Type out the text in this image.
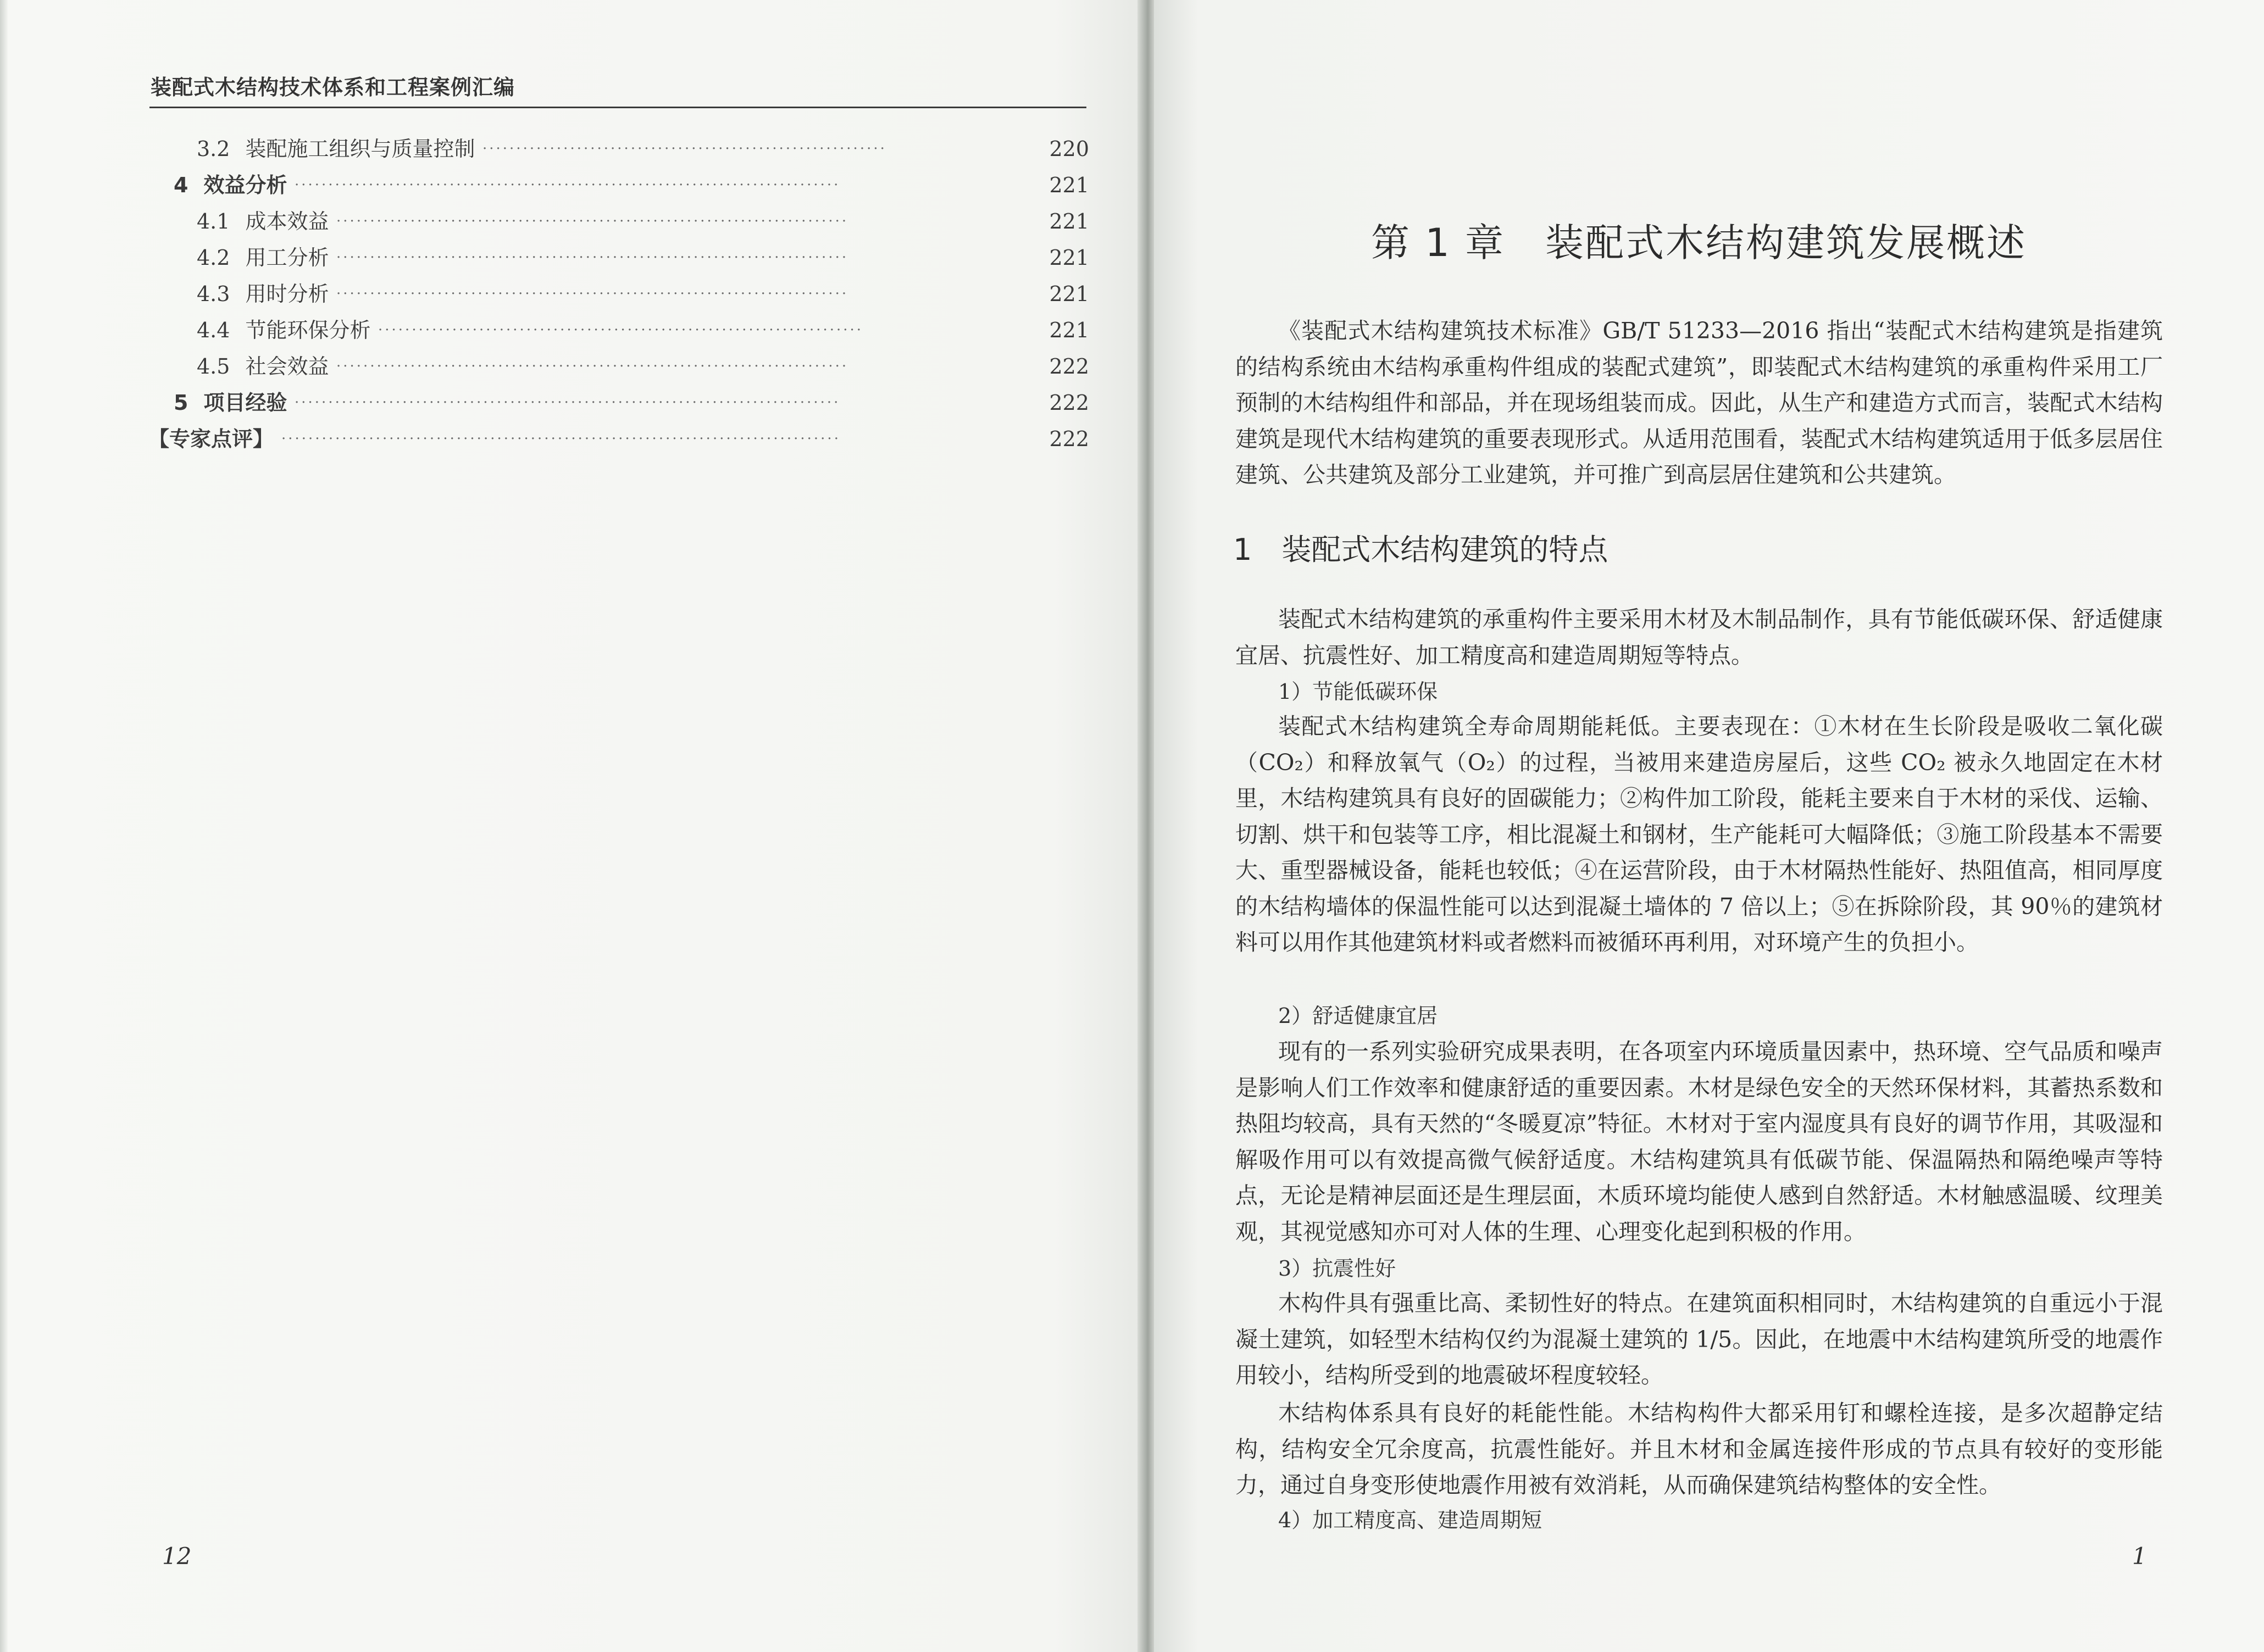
装配式木结构技术体系和工程案例汇编
3.2 装配施工组织与质量控制	220
····························································
4 效益分析	221
·················································································
4.1 成本效益	221
············································································
4.2 用工分析	221
············································································
4.3 用时分析	221
············································································
4.4 节能环保分析	221
········································································
4.5 社会效益	222
············································································
5 项目经验	222
·················································································
【专家点评】	222
···················································································
12
第 1 章　装配式木结构建筑发展概述

《装配式木结构建筑技术标准》GB/T 51233—2016 指出“装配式木结构建筑是指建筑的结构系统由木结构承重构件组成的装配式建筑”，即装配式木结构建筑的承重构件采用工厂预制的木结构组件和部品，并在现场组装而成。因此，从生产和建造方式而言，装配式木结构建筑是现代木结构建筑的重要表现形式。从适用范围看，装配式木结构建筑适用于低多层居住建筑、公共建筑及部分工业建筑，并可推广到高层居住建筑和公共建筑。

1　装配式木结构建筑的特点

装配式木结构建筑的承重构件主要采用木材及木制品制作，具有节能低碳环保、舒适健康宜居、抗震性好、加工精度高和建造周期短等特点。

1）节能低碳环保

装配式木结构建筑全寿命周期能耗低。主要表现在：①木材在生长阶段是吸收二氧化碳（CO₂）和释放氧气（O₂）的过程，当被用来建造房屋后，这些 CO₂ 被永久地固定在木材里，木结构建筑具有良好的固碳能力；②构件加工阶段，能耗主要来自于木材的采伐、运输、切割、烘干和包装等工序，相比混凝土和钢材，生产能耗可大幅降低；③施工阶段基本不需要大、重型器械设备，能耗也较低；④在运营阶段，由于木材隔热性能好、热阻值高，相同厚度的木结构墙体的保温性能可以达到混凝土墙体的 7 倍以上；⑤在拆除阶段，其 90％的建筑材料可以用作其他建筑材料或者燃料而被循环再利用，对环境产生的负担小。

2）舒适健康宜居

现有的一系列实验研究成果表明，在各项室内环境质量因素中，热环境、空气品质和噪声是影响人们工作效率和健康舒适的重要因素。木材是绿色安全的天然环保材料，其蓄热系数和热阻均较高，具有天然的“冬暖夏凉”特征。木材对于室内湿度具有良好的调节作用，其吸湿和解吸作用可以有效提高微气候舒适度。木结构建筑具有低碳节能、保温隔热和隔绝噪声等特点，无论是精神层面还是生理层面，木质环境均能使人感到自然舒适。木材触感温暖、纹理美观，其视觉感知亦可对人体的生理、心理变化起到积极的作用。

3）抗震性好

木构件具有强重比高、柔韧性好的特点。在建筑面积相同时，木结构建筑的自重远小于混凝土建筑，如轻型木结构仅约为混凝土建筑的 1/5。因此，在地震中木结构建筑所受的地震作用较小，结构所受到的地震破坏程度较轻。

木结构体系具有良好的耗能性能。木结构构件大都采用钉和螺栓连接，是多次超静定结构，结构安全冗余度高，抗震性能好。并且木材和金属连接件形成的节点具有较好的变形能力，通过自身变形使地震作用被有效消耗，从而确保建筑结构整体的安全性。

4）加工精度高、建造周期短
1
